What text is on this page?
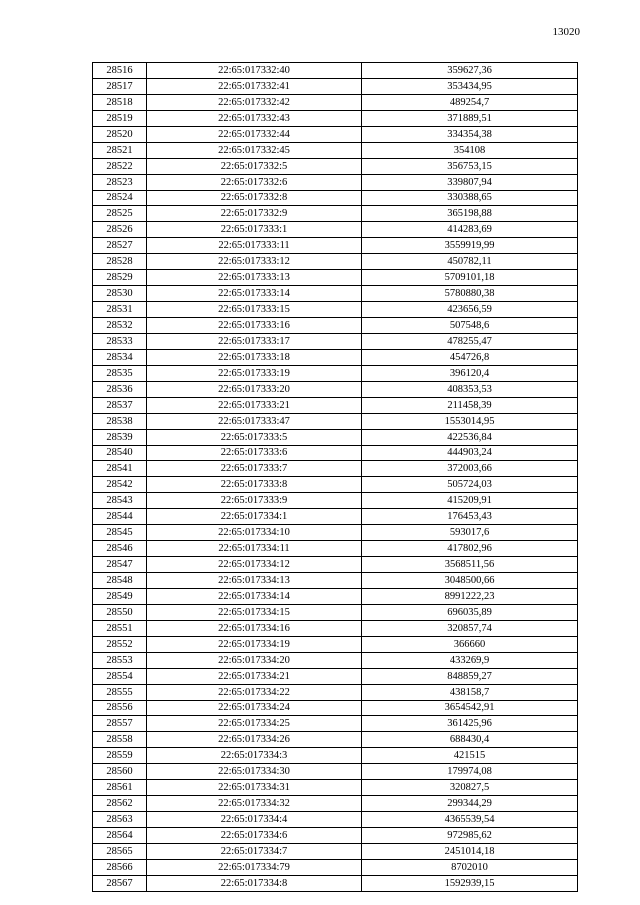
13020
28516	22:65:017332:40	359627,36
28517	22:65:017332:41	353434,95
28518	22:65:017332:42	489254,7
28519	22:65:017332:43	371889,51
28520	22:65:017332:44	334354,38
28521	22:65:017332:45	354108
28522	22:65:017332:5	356753,15
28523	22:65:017332:6	339807,94
28524	22:65:017332:8	330388,65
28525	22:65:017332:9	365198,88
28526	22:65:017333:1	414283,69
28527	22:65:017333:11	3559919,99
28528	22:65:017333:12	450782,11
28529	22:65:017333:13	5709101,18
28530	22:65:017333:14	5780880,38
28531	22:65:017333:15	423656,59
28532	22:65:017333:16	507548,6
28533	22:65:017333:17	478255,47
28534	22:65:017333:18	454726,8
28535	22:65:017333:19	396120,4
28536	22:65:017333:20	408353,53
28537	22:65:017333:21	211458,39
28538	22:65:017333:47	1553014,95
28539	22:65:017333:5	422536,84
28540	22:65:017333:6	444903,24
28541	22:65:017333:7	372003,66
28542	22:65:017333:8	505724,03
28543	22:65:017333:9	415209,91
28544	22:65:017334:1	176453,43
28545	22:65:017334:10	593017,6
28546	22:65:017334:11	417802,96
28547	22:65:017334:12	3568511,56
28548	22:65:017334:13	3048500,66
28549	22:65:017334:14	8991222,23
28550	22:65:017334:15	696035,89
28551	22:65:017334:16	320857,74
28552	22:65:017334:19	366660
28553	22:65:017334:20	433269,9
28554	22:65:017334:21	848859,27
28555	22:65:017334:22	438158,7
28556	22:65:017334:24	3654542,91
28557	22:65:017334:25	361425,96
28558	22:65:017334:26	688430,4
28559	22:65:017334:3	421515
28560	22:65:017334:30	179974,08
28561	22:65:017334:31	320827,5
28562	22:65:017334:32	299344,29
28563	22:65:017334:4	4365539,54
28564	22:65:017334:6	972985,62
28565	22:65:017334:7	2451014,18
28566	22:65:017334:79	8702010
28567	22:65:017334:8	1592939,15
